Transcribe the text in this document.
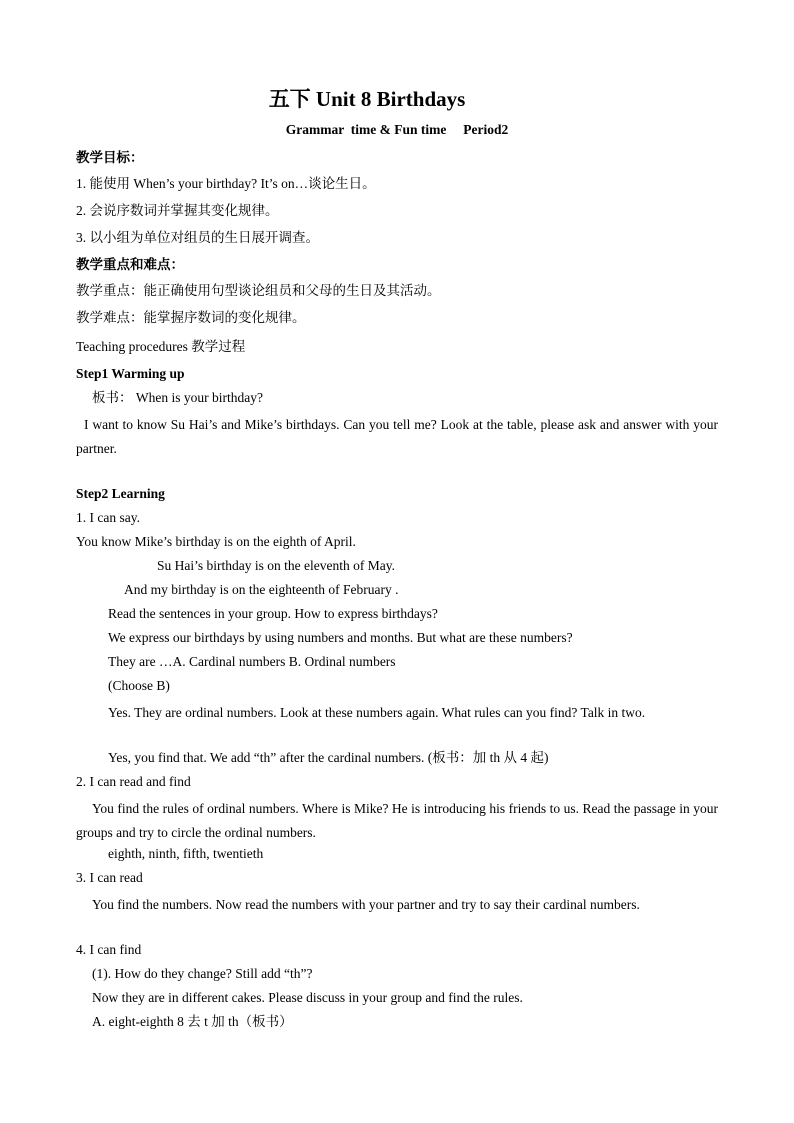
五下 Unit 8 Birthdays
Grammar  time & Fun time     Period2
教学目标：
1. 能使用 When’s your birthday? It’s on…谈论生日。
2. 会说序数词并掌握其变化规律。
3. 以小组为单位对组员的生日展开调查。
教学重点和难点：
教学重点：能正确使用句型谈论组员和父母的生日及其活动。
教学难点：能掌握序数词的变化规律。
Teaching procedures 教学过程
Step1 Warming up
板书： When is your birthday?
I want to know Su Hai’s and Mike’s birthdays. Can you tell me? Look at the table, please ask and answer with your partner.
Step2 Learning
1. I can say.
You know Mike’s birthday is on the eighth of April.
Su Hai’s birthday is on the eleventh of May.
And my birthday is on the eighteenth of February .
Read the sentences in your group. How to express birthdays?
We express our birthdays by using numbers and months. But what are these numbers?
They are …A. Cardinal numbers B. Ordinal numbers
(Choose B)
Yes. They are ordinal numbers. Look at these numbers again. What rules can you find? Talk in two.
Yes, you find that. We add “th” after the cardinal numbers. (板书：加 th 从 4 起)
2. I can read and find
You find the rules of ordinal numbers. Where is Mike? He is introducing his friends to us. Read the passage in your groups and try to circle the ordinal numbers.
eighth, ninth, fifth, twentieth
3. I can read
You find the numbers. Now read the numbers with your partner and try to say their cardinal numbers.
4. I can find
(1). How do they change? Still add “th”?
Now they are in different cakes. Please discuss in your group and find the rules.
A. eight-eighth 8 去 t 加 th（板书）
